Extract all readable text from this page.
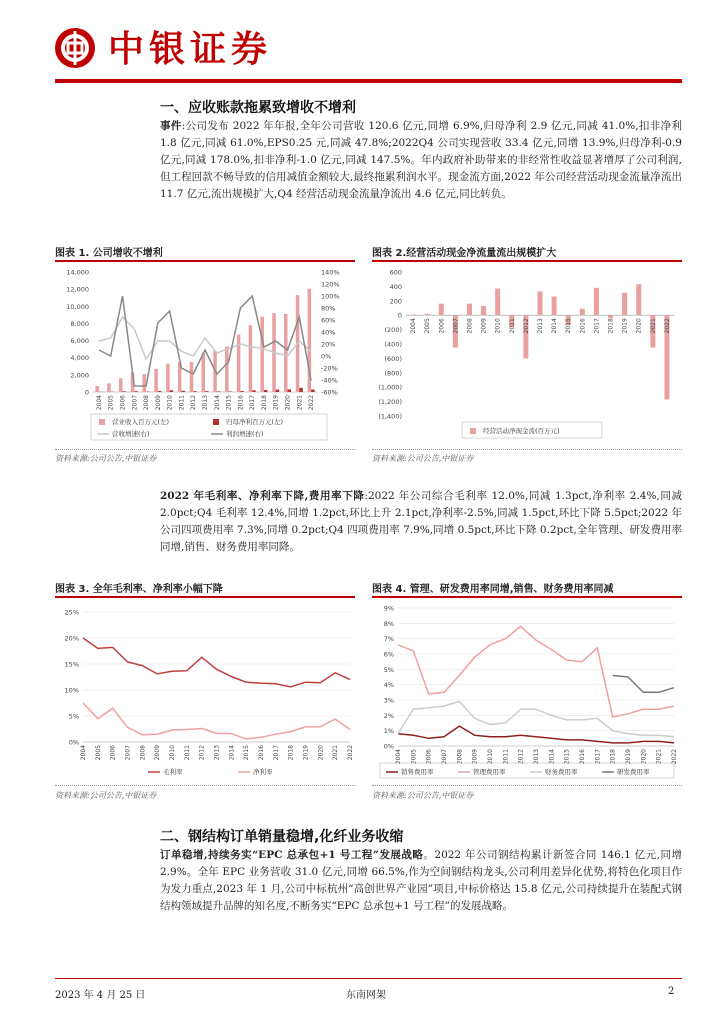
中银证券
一、应收账款拖累致增收不增利
事件:公司发布 2022 年年报,全年公司营收 120.6 亿元,同增 6.9%,归母净利 2.9 亿元,同减 41.0%,扣非净利 1.8 亿元,同减 61.0%,EPS0.25 元,同减 47.8%;2022Q4 公司实现营收 33.4 亿元,同增 13.9%,归母净利-0.9 亿元,同减 178.0%,扣非净利-1.0 亿元,同减 147.5%。年内政府补助带来的非经常性收益显著增厚了公司利润,但工程回款不畅导致的信用减值金额较大,最终拖累利润水平。现金流方面,2022 年公司经营活动现金流量净流出 11.7 亿元,流出规模扩大,Q4 经营活动现金流量净流出 4.6 亿元,同比转负。
图表 1. 公司增收不增利
14,000
12,000
10,000
8,000
6,000
4,000
2,000
0
140%
120%
100%
80%
60%
40%
20%
0%
-20%
-40%
-60%
2004 2005 2006 2007 2008 2009 2010 2011 2012 2013 2014 2015 2016 2017 2018 2019 2020 2021 2022
营业收入百万元(左)	归母净利百万元(左)
营收增速(右)	利润增速(右)
资料来源:公司公告,中银证券
图表 2.经营活动现金净流量流出规模扩大
600
400
200
0
(200)
(400)
(600)
(800)
(1,000)
(1,200)
(1,400)
2004 2005 2006 2007 2008 2009 2010 2011 2012 2013 2014 2015 2016 2017 2018 2019 2020 2021 2022
经营活动净现金流(百万元)
资料来源:公司公告,中银证券
2022 年毛利率、净利率下降,费用率下降:2022 年公司综合毛利率 12.0%,同减 1.3pct,净利率 2.4%,同减 2.0pct;Q4 毛利率 12.4%,同增 1.2pct,环比上升 2.1pct,净利率-2.5%,同减 1.5pct,环比下降 5.5pct;2022 年公司四项费用率 7.3%,同增 0.2pct;Q4 四项费用率 7.9%,同增 0.5pct,环比下降 0.2pct,全年管理、研发费用率同增,销售、财务费用率同降。
图表 3. 全年毛利率、净利率小幅下降
25%
20%
15%
10%
5%
0%
2004 2005 2006 2007 2008 2009 2010 2011 2012 2013 2014 2015 2016 2017 2018 2019 2020 2021 2022
毛利率	净利率
资料来源:公司公告,中银证券
图表 4. 管理、研发费用率同增,销售、财务费用率同减
9%
8%
7%
6%
5%
4%
3%
2%
1%
0%
2004 2005 2006 2007 2008 2009 2010 2011 2012 2013 2014 2015 2016 2017 2018 2019 2020 2021 2022
销售费用率	管理费用率	财务费用率	研发费用率
资料来源:公司公告,中银证券
二、钢结构订单销量稳增,化纤业务收缩
订单稳增,持续务实“EPC 总承包+1 号工程”发展战略。2022 年公司钢结构累计新签合同 146.1 亿元,同增 2.9%。全年 EPC 业务营收 31.0 亿元,同增 66.5%,作为空间钢结构龙头,公司利用差异化优势,将特色化项目作为发力重点,2023 年 1 月,公司中标杭州“高创世界产业园”项目,中标价格达 15.8 亿元,公司持续提升在装配式钢结构领域提升品牌的知名度,不断务实“EPC 总承包+1 号工程”的发展战略。
2023 年 4 月 25 日	东南网架	2
